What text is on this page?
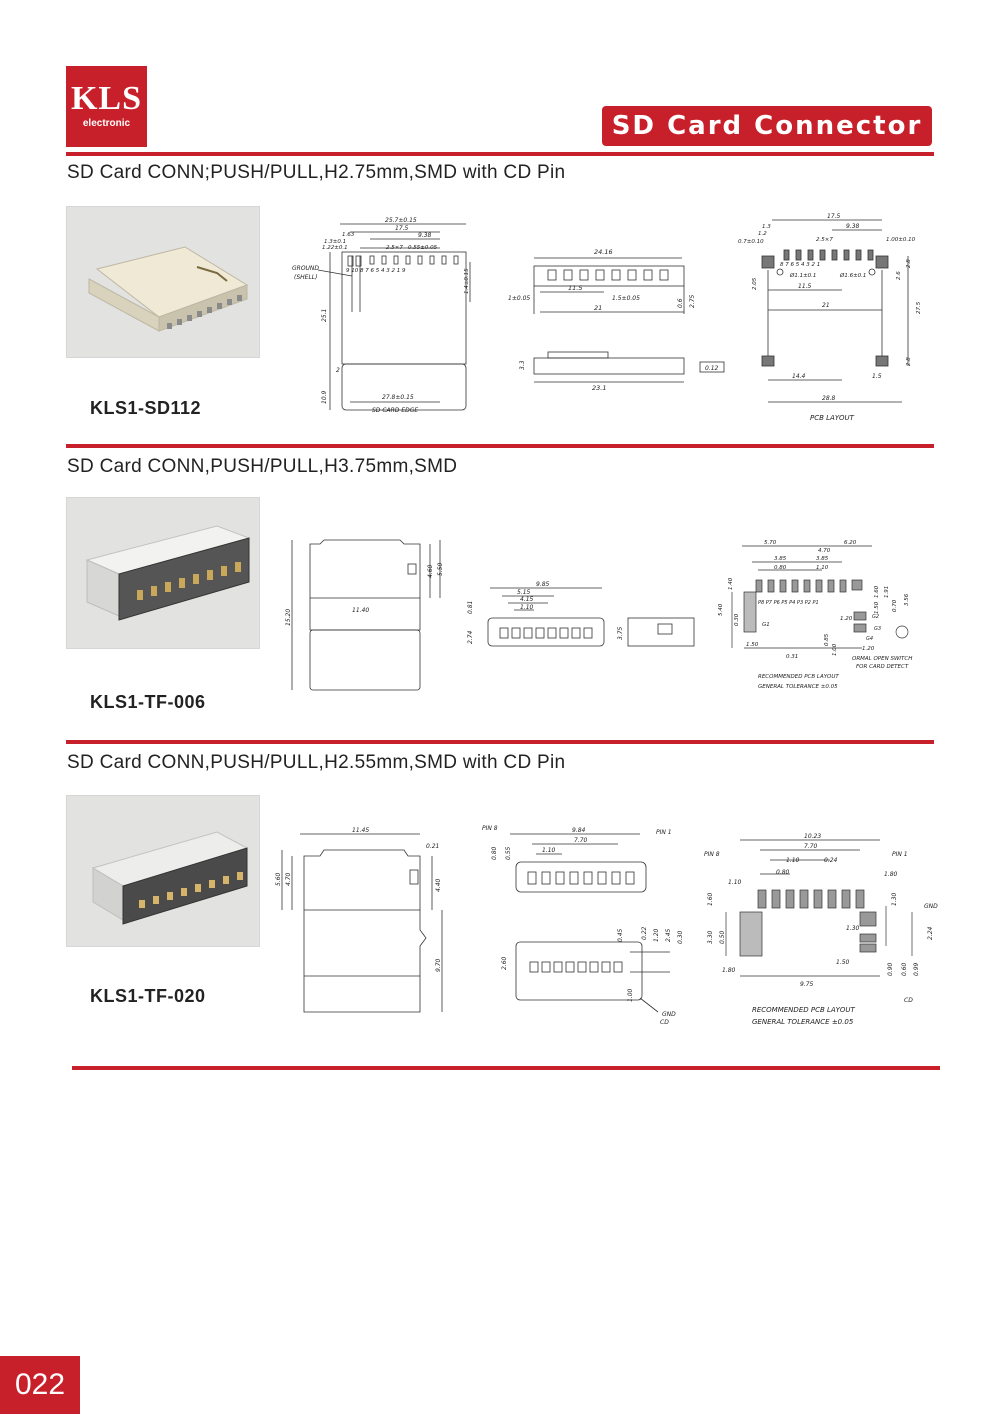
KLS
electronic	SD Card Connector
SD Card CONN;PUSH/PULL,H2.75mm,SMD with CD Pin
KLS1-SD112
25.7±0.15
17.5
9.38
1.63
1.3±0.1
1.22±0.1	2.5×7 0.55±0.05
9 10 8 7 6 5 4 3 2 1 9
GROUND
(SHELL)
25.1
1.4±0.15
2
27.8±0.15
SD CARD EDGE
10.9
24.16
11.5
1±0.05	1.5±0.05
21	0.6 2.75
3.3
23.1
0.12
17.5
9.38
1.3
1.2
0.7±0.10	2.5×7	1.00±0.10
8 7 6 5 4 3 2 1
Ø1.1±0.1	Ø1.6±0.1
2.05	11.5
21
2.8
2.6
27.5
14.4	1.5
2.8
28.8
PCB LAYOUT
SD Card CONN,PUSH/PULL,H3.75mm,SMD
KLS1-TF-006
15.20	11.40
4.60 5.50
9.85
5.15
4.15
1.10
0.81
2.74	3.75
5.70	6.20
4.70
3.85	3.85
0.80	1.10
P8 P7 P6 P5 P4 P3 P2 P1
1.40
5.40
0.30	G1
1.50
0.31
0.85
1.00
1.60 1.91
1.50 0.70 3.56
1.20	G2
G3
G4
1.20
ORMAL OPEN SWITCH
FOR CARD DETECT
RECOMMENDED PCB LAYOUT
GENERAL TOLERANCE ±0.05
SD Card CONN,PUSH/PULL,H2.55mm,SMD with CD Pin
KLS1-TF-020
11.45
0.21
5.60 4.70	4.40
9.70
PIN 8
PIN 1
9.84
7.70
0.80 0.55	1.10
0.45	0.22 1.20 2.45 0.30
2.60
1.00
GND
CD
10.23
PIN 8	PIN 1
7.70
1.10	0.24
0.80
1.10
1.80
1.60	1.30
GND
1.30
3.30 0.50	2.24
1.50
0.90 0.60 0.99
1.80
9.75
CD
RECOMMENDED PCB LAYOUT
GENERAL TOLERANCE ±0.05
022
